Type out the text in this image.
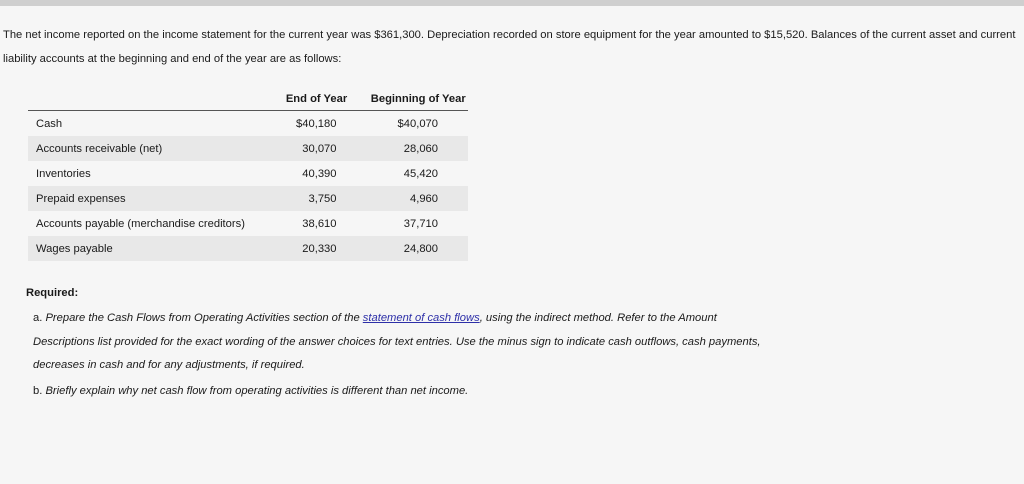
The net income reported on the income statement for the current year was $361,300. Depreciation recorded on store equipment for the year amounted to $15,520. Balances of the current asset and current liability accounts at the beginning and end of the year are as follows:

	End of Year	Beginning of Year
Cash	$40,180	$40,070
Accounts receivable (net)	30,070	28,060
Inventories	40,390	45,420
Prepaid expenses	3,750	4,960
Accounts payable (merchandise creditors)	38,610	37,710
Wages payable	20,330	24,800

Required:

a. Prepare the Cash Flows from Operating Activities section of the statement of cash flows, using the indirect method. Refer to the Amount Descriptions list provided for the exact wording of the answer choices for text entries. Use the minus sign to indicate cash outflows, cash payments, decreases in cash and for any adjustments, if required.

b. Briefly explain why net cash flow from operating activities is different than net income.
